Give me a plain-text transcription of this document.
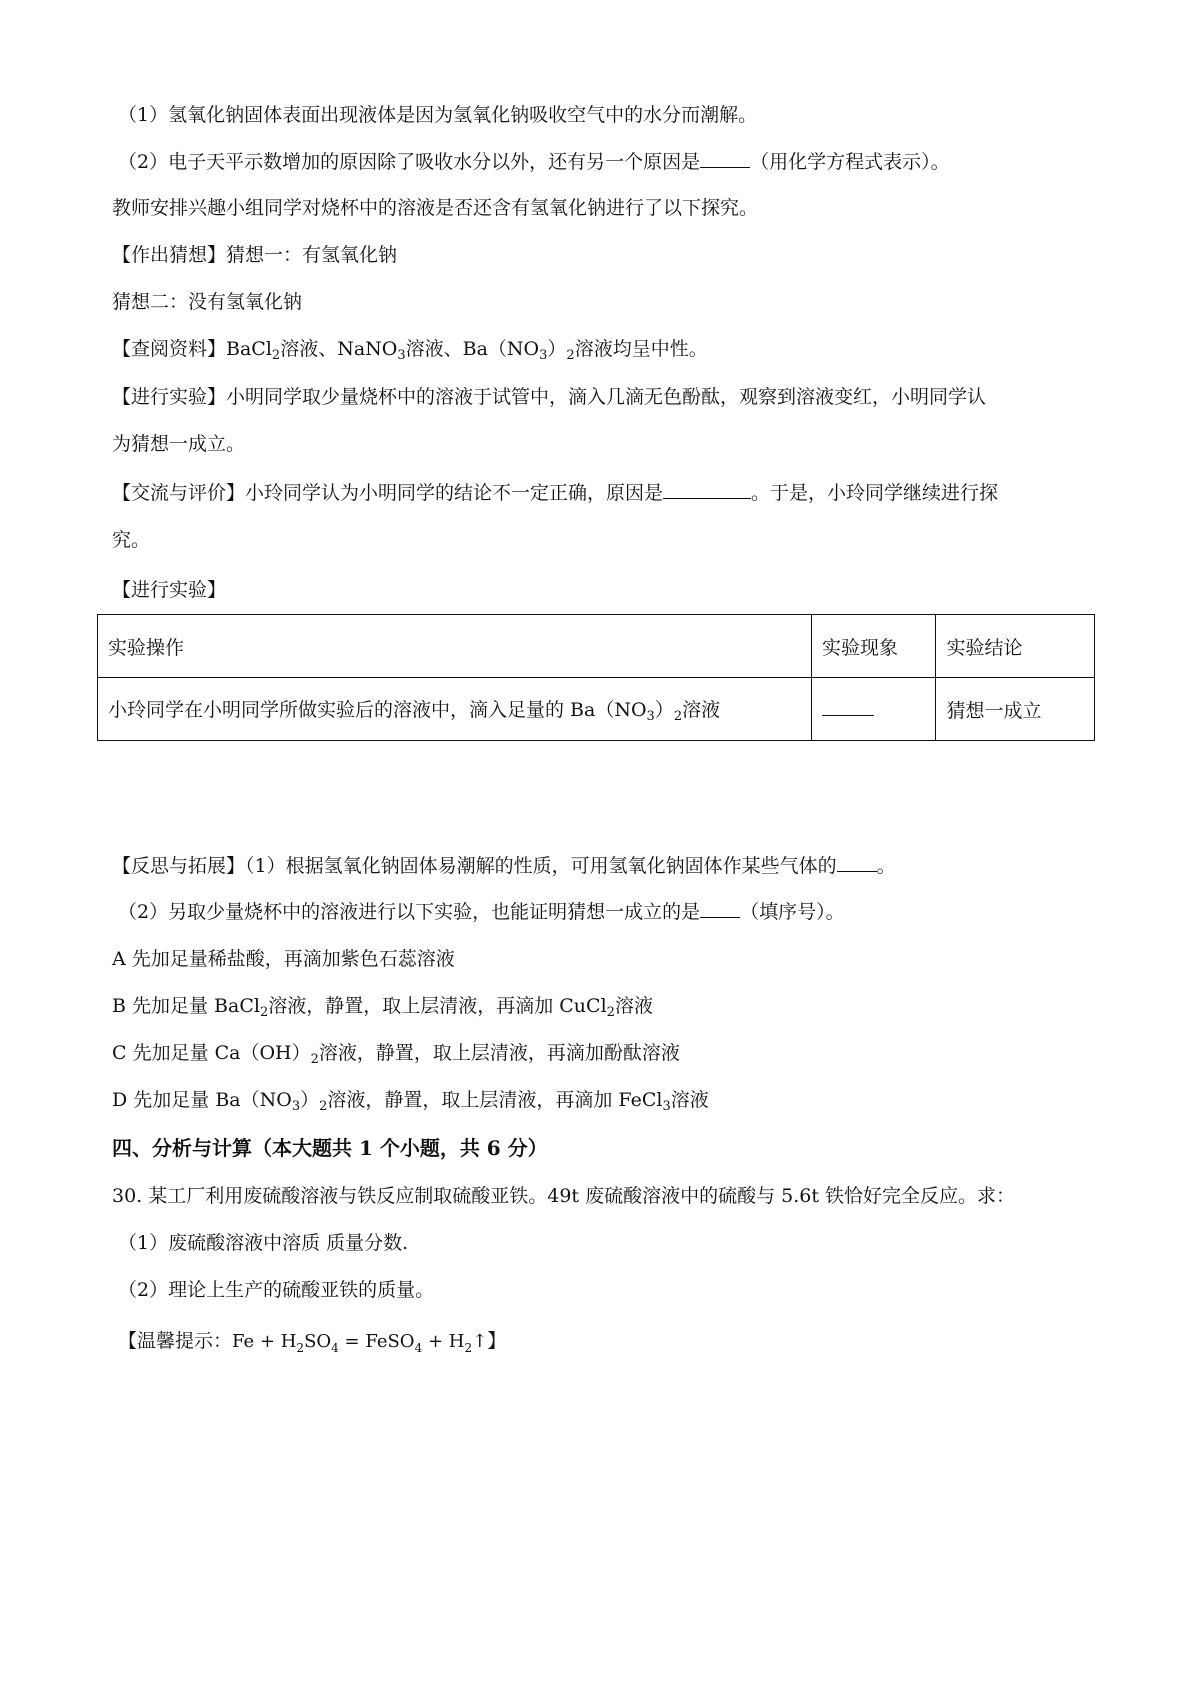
（1）氢氧化钠固体表面出现液体是因为氢氧化钠吸收空气中的水分而潮解。
（2）电子天平示数增加的原因除了吸收水分以外，还有另一个原因是	（用化学方程式表示）。
教师安排兴趣小组同学对烧杯中的溶液是否还含有氢氧化钠进行了以下探究。
【作出猜想】猜想一：有氢氧化钠
猜想二：没有氢氧化钠
【查阅资料】BaCl$_2$溶液、NaNO$_3$溶液、$Ba(NO_3)_2$溶液均呈中性。
【进行实验】小明同学取少量烧杯中的溶液于试管中，滴入几滴无色酚酞，观察到溶液变红，小明同学认
为猜想一成立。
【交流与评价】小玲同学认为小明同学的结论不一定正确，原因是	。于是，小玲同学继续进行探
究。
【进行实验】
实验操作	实验现象	实验结论
小玲同学在小明同学所做实验后的溶液中，滴入足量的 $Ba(NO_3)_2$溶液		猜想一成立
【反思与拓展】（1）根据氢氧化钠固体易潮解的性质，可用氢氧化钠固体作某些气体的 。
（2）另取少量烧杯中的溶液进行以下实验，也能证明猜想一成立的是 （填序号）。
A 先加足量稀盐酸，再滴加紫色石蕊溶液
B 先加足量 BaCl$_2$溶液，静置，取上层清液，再滴加 CuCl$_2$溶液
C 先加足量 $Ca(OH)_2$溶液，静置，取上层清液，再滴加酚酞溶液
D 先加足量 $Ba(NO_3)_2$溶液，静置，取上层清液，再滴加 FeCl$_3$溶液
四、分析与计算（本大题共 1 个小题，共 6 分）
30. 某工厂利用废硫酸溶液与铁反应制取硫酸亚铁。49t 废硫酸溶液中的硫酸与 5.6t 铁恰好完全反应。求：
（1）废硫酸溶液中溶质 质量分数.
（2）理论上生产的硫酸亚铁的质量。
【温馨提示：$Fe + H_2SO_4$ = FeSO$_4$ + $H_2↑$】
